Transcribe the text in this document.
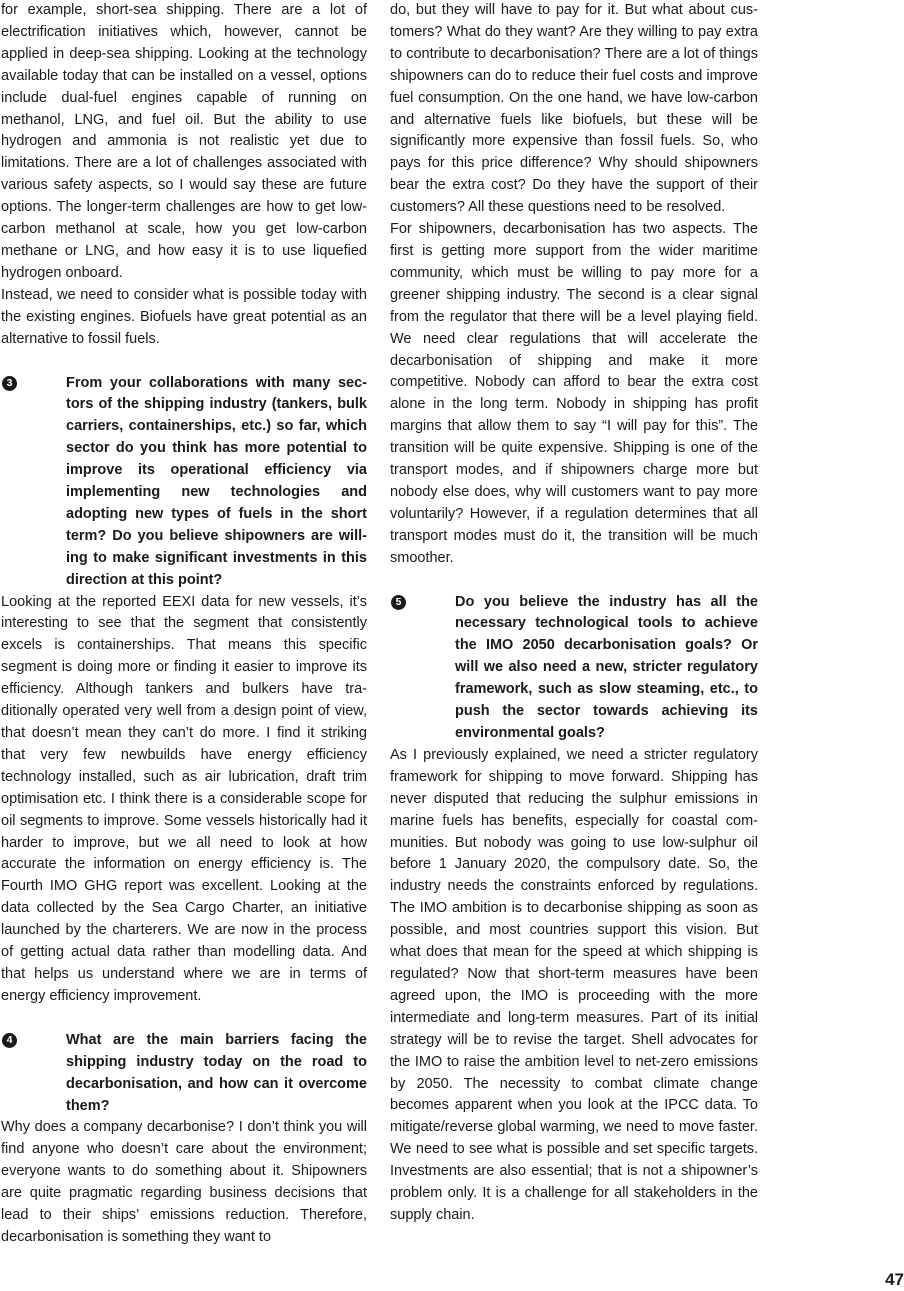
for example, short-sea shipping. There are a lot of electrification initiatives which, however, cannot be applied in deep-sea shipping. Looking at the technology available today that can be installed on a vessel, options include dual-fuel engines capable of running on methanol, LNG, and fuel oil. But the ability to use hydrogen and ammonia is not realistic yet due to limitations. There are a lot of challenges associated with various safety aspects, so I would say these are future options. The longer-term challenges are how to get low-carbon methanol at scale, how you get low-carbon methane or LNG, and how easy it is to use liquefied hydrogen onboard.

Instead, we need to consider what is possible today with the existing engines. Biofuels have great potential as an alternative to fossil fuels.

3	From your collaborations with many sectors of the shipping industry (tankers, bulk carriers, containerships, etc.) so far, which sector do you think has more potential to improve its operational efficiency via implementing new technologies and adopting new types of fuels in the short term? Do you believe shipowners are willing to make significant investments in this direction at this point?

Looking at the reported EEXI data for new vessels, it’s interesting to see that the segment that consistently excels is containerships. That means this specific segment is doing more or finding it easier to improve its efficiency. Although tankers and bulkers have traditionally operated very well from a design point of view, that doesn’t mean they can’t do more. I find it striking that very few newbuilds have energy efficiency technology installed, such as air lubrication, draft trim optimisation etc. I think there is a considerable scope for oil segments to improve. Some vessels historically had it harder to improve, but we all need to look at how accurate the information on energy efficiency is. The Fourth IMO GHG report was excellent. Looking at the data collected by the Sea Cargo Charter, an initiative launched by the charterers. We are now in the process of getting actual data rather than modelling data. And that helps us understand where we are in terms of energy efficiency improvement.

4	What are the main barriers facing the shipping industry today on the road to decarbonisation, and how can it overcome them?

Why does a company decarbonise? I don’t think you will find anyone who doesn’t care about the environment; everyone wants to do something about it. Shipowners are quite pragmatic regarding business decisions that lead to their ships’ emissions reduction. Therefore, decarbonisation is something they want to

do, but they will have to pay for it. But what about customers? What do they want? Are they willing to pay extra to contribute to decarbonisation? There are a lot of things shipowners can do to reduce their fuel costs and improve fuel consumption. On the one hand, we have low-carbon and alternative fuels like biofuels, but these will be significantly more expensive than fossil fuels. So, who pays for this price difference? Why should shipowners bear the extra cost? Do they have the support of their customers? All these questions need to be resolved.

For shipowners, decarbonisation has two aspects. The first is getting more support from the wider maritime community, which must be willing to pay more for a greener shipping industry. The second is a clear signal from the regulator that there will be a level playing field. We need clear regulations that will accelerate the decarbonisation of shipping and make it more competitive. Nobody can afford to bear the extra cost alone in the long term. Nobody in shipping has profit margins that allow them to say “I will pay for this”. The transition will be quite expensive. Shipping is one of the transport modes, and if shipowners charge more but nobody else does, why will customers want to pay more voluntarily? However, if a regulation determines that all transport modes must do it, the transition will be much smoother.

5	Do you believe the industry has all the necessary technological tools to achieve the IMO 2050 decarbonisation goals? Or will we also need a new, stricter regulatory framework, such as slow steaming, etc., to push the sector towards achieving its environmental goals?

As I previously explained, we need a stricter regulatory framework for shipping to move forward. Shipping has never disputed that reducing the sulphur emissions in marine fuels has benefits, especially for coastal communities. But nobody was going to use low-sulphur oil before 1 January 2020, the compulsory date. So, the industry needs the constraints enforced by regulations. The IMO ambition is to decarbonise shipping as soon as possible, and most countries support this vision. But what does that mean for the speed at which shipping is regulated? Now that short-term measures have been agreed upon, the IMO is proceeding with the more intermediate and long-term measures. Part of its initial strategy will be to revise the target. Shell advocates for the IMO to raise the ambition level to net-zero emissions by 2050. The necessity to combat climate change becomes apparent when you look at the IPCC data. To mitigate/reverse global warming, we need to move faster. We need to see what is possible and set specific targets. Investments are also essential; that is not a shipowner’s problem only. It is a challenge for all stakeholders in the supply chain.

47
